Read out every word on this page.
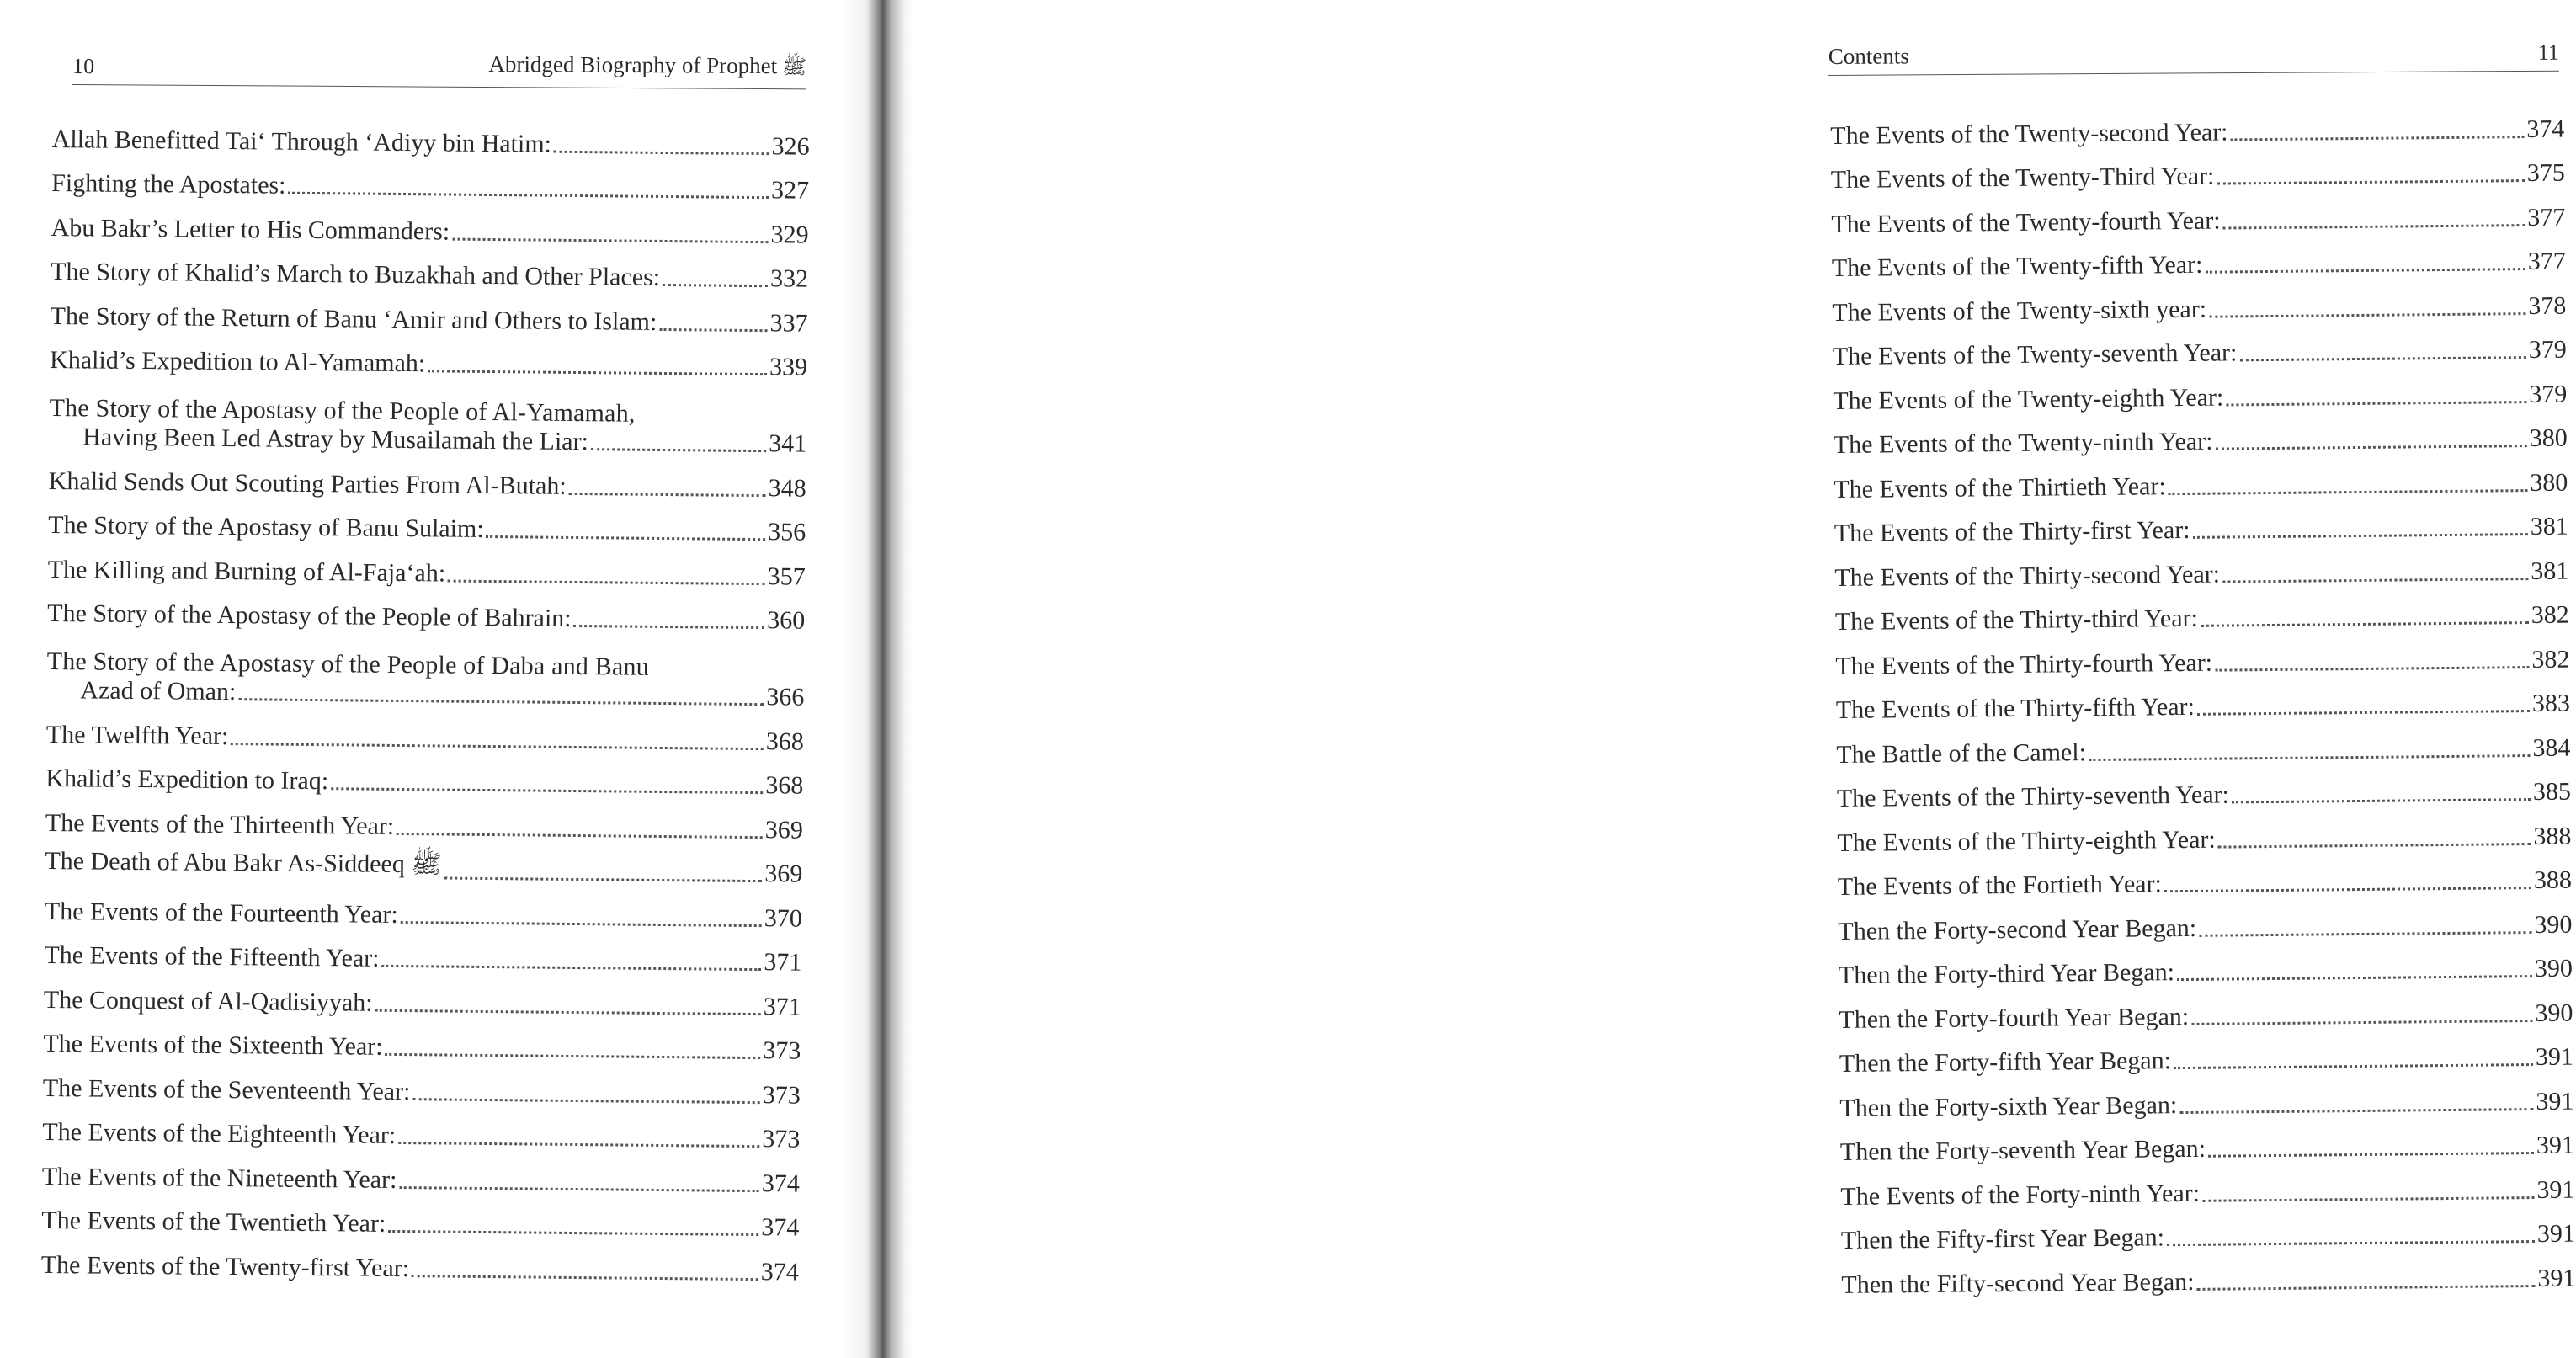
10	Abridged Biography of Prophet ﷺ
Allah Benefitted Tai‘ Through ‘Adiyy bin Hatim:	326
Fighting the Apostates:	327
Abu Bakr’s Letter to His Commanders:	329
The Story of Khalid’s March to Buzakhah and Other Places:	332
The Story of the Return of Banu ‘Amir and Others to Islam:	337
Khalid’s Expedition to Al-Yamamah:	339
The Story of the Apostasy of the People of Al-Yamamah,
Having Been Led Astray by Musailamah the Liar:	341
Khalid Sends Out Scouting Parties From Al-Butah:	348
The Story of the Apostasy of Banu Sulaim:	356
The Killing and Burning of Al-Faja‘ah:	357
The Story of the Apostasy of the People of Bahrain:	360
The Story of the Apostasy of the People of Daba and Banu
Azad of Oman:	366
The Twelfth Year:	368
Khalid’s Expedition to Iraq:	368
The Events of the Thirteenth Year:	369
The Death of Abu Bakr As-Siddeeq ﷺ	369
The Events of the Fourteenth Year:	370
The Events of the Fifteenth Year:	371
The Conquest of Al-Qadisiyyah:	371
The Events of the Sixteenth Year:	373
The Events of the Seventeenth Year:	373
The Events of the Eighteenth Year:	373
The Events of the Nineteenth Year:	374
The Events of the Twentieth Year:	374
The Events of the Twenty-first Year:	374
Contents	11
The Events of the Twenty-second Year:	374
The Events of the Twenty-Third Year:	375
The Events of the Twenty-fourth Year:	377
The Events of the Twenty-fifth Year:	377
The Events of the Twenty-sixth year:	378
The Events of the Twenty-seventh Year:	379
The Events of the Twenty-eighth Year:	379
The Events of the Twenty-ninth Year:	380
The Events of the Thirtieth Year:	380
The Events of the Thirty-first Year:	381
The Events of the Thirty-second Year:	381
The Events of the Thirty-third Year:	382
The Events of the Thirty-fourth Year:	382
The Events of the Thirty-fifth Year:	383
The Battle of the Camel:	384
The Events of the Thirty-seventh Year:	385
The Events of the Thirty-eighth Year:	388
The Events of the Fortieth Year:	388
Then the Forty-second Year Began:	390
Then the Forty-third Year Began:	390
Then the Forty-fourth Year Began:	390
Then the Forty-fifth Year Began:	391
Then the Forty-sixth Year Began:	391
Then the Forty-seventh Year Began:	391
The Events of the Forty-ninth Year:	391
Then the Fifty-first Year Began:	391
Then the Fifty-second Year Began:	391
